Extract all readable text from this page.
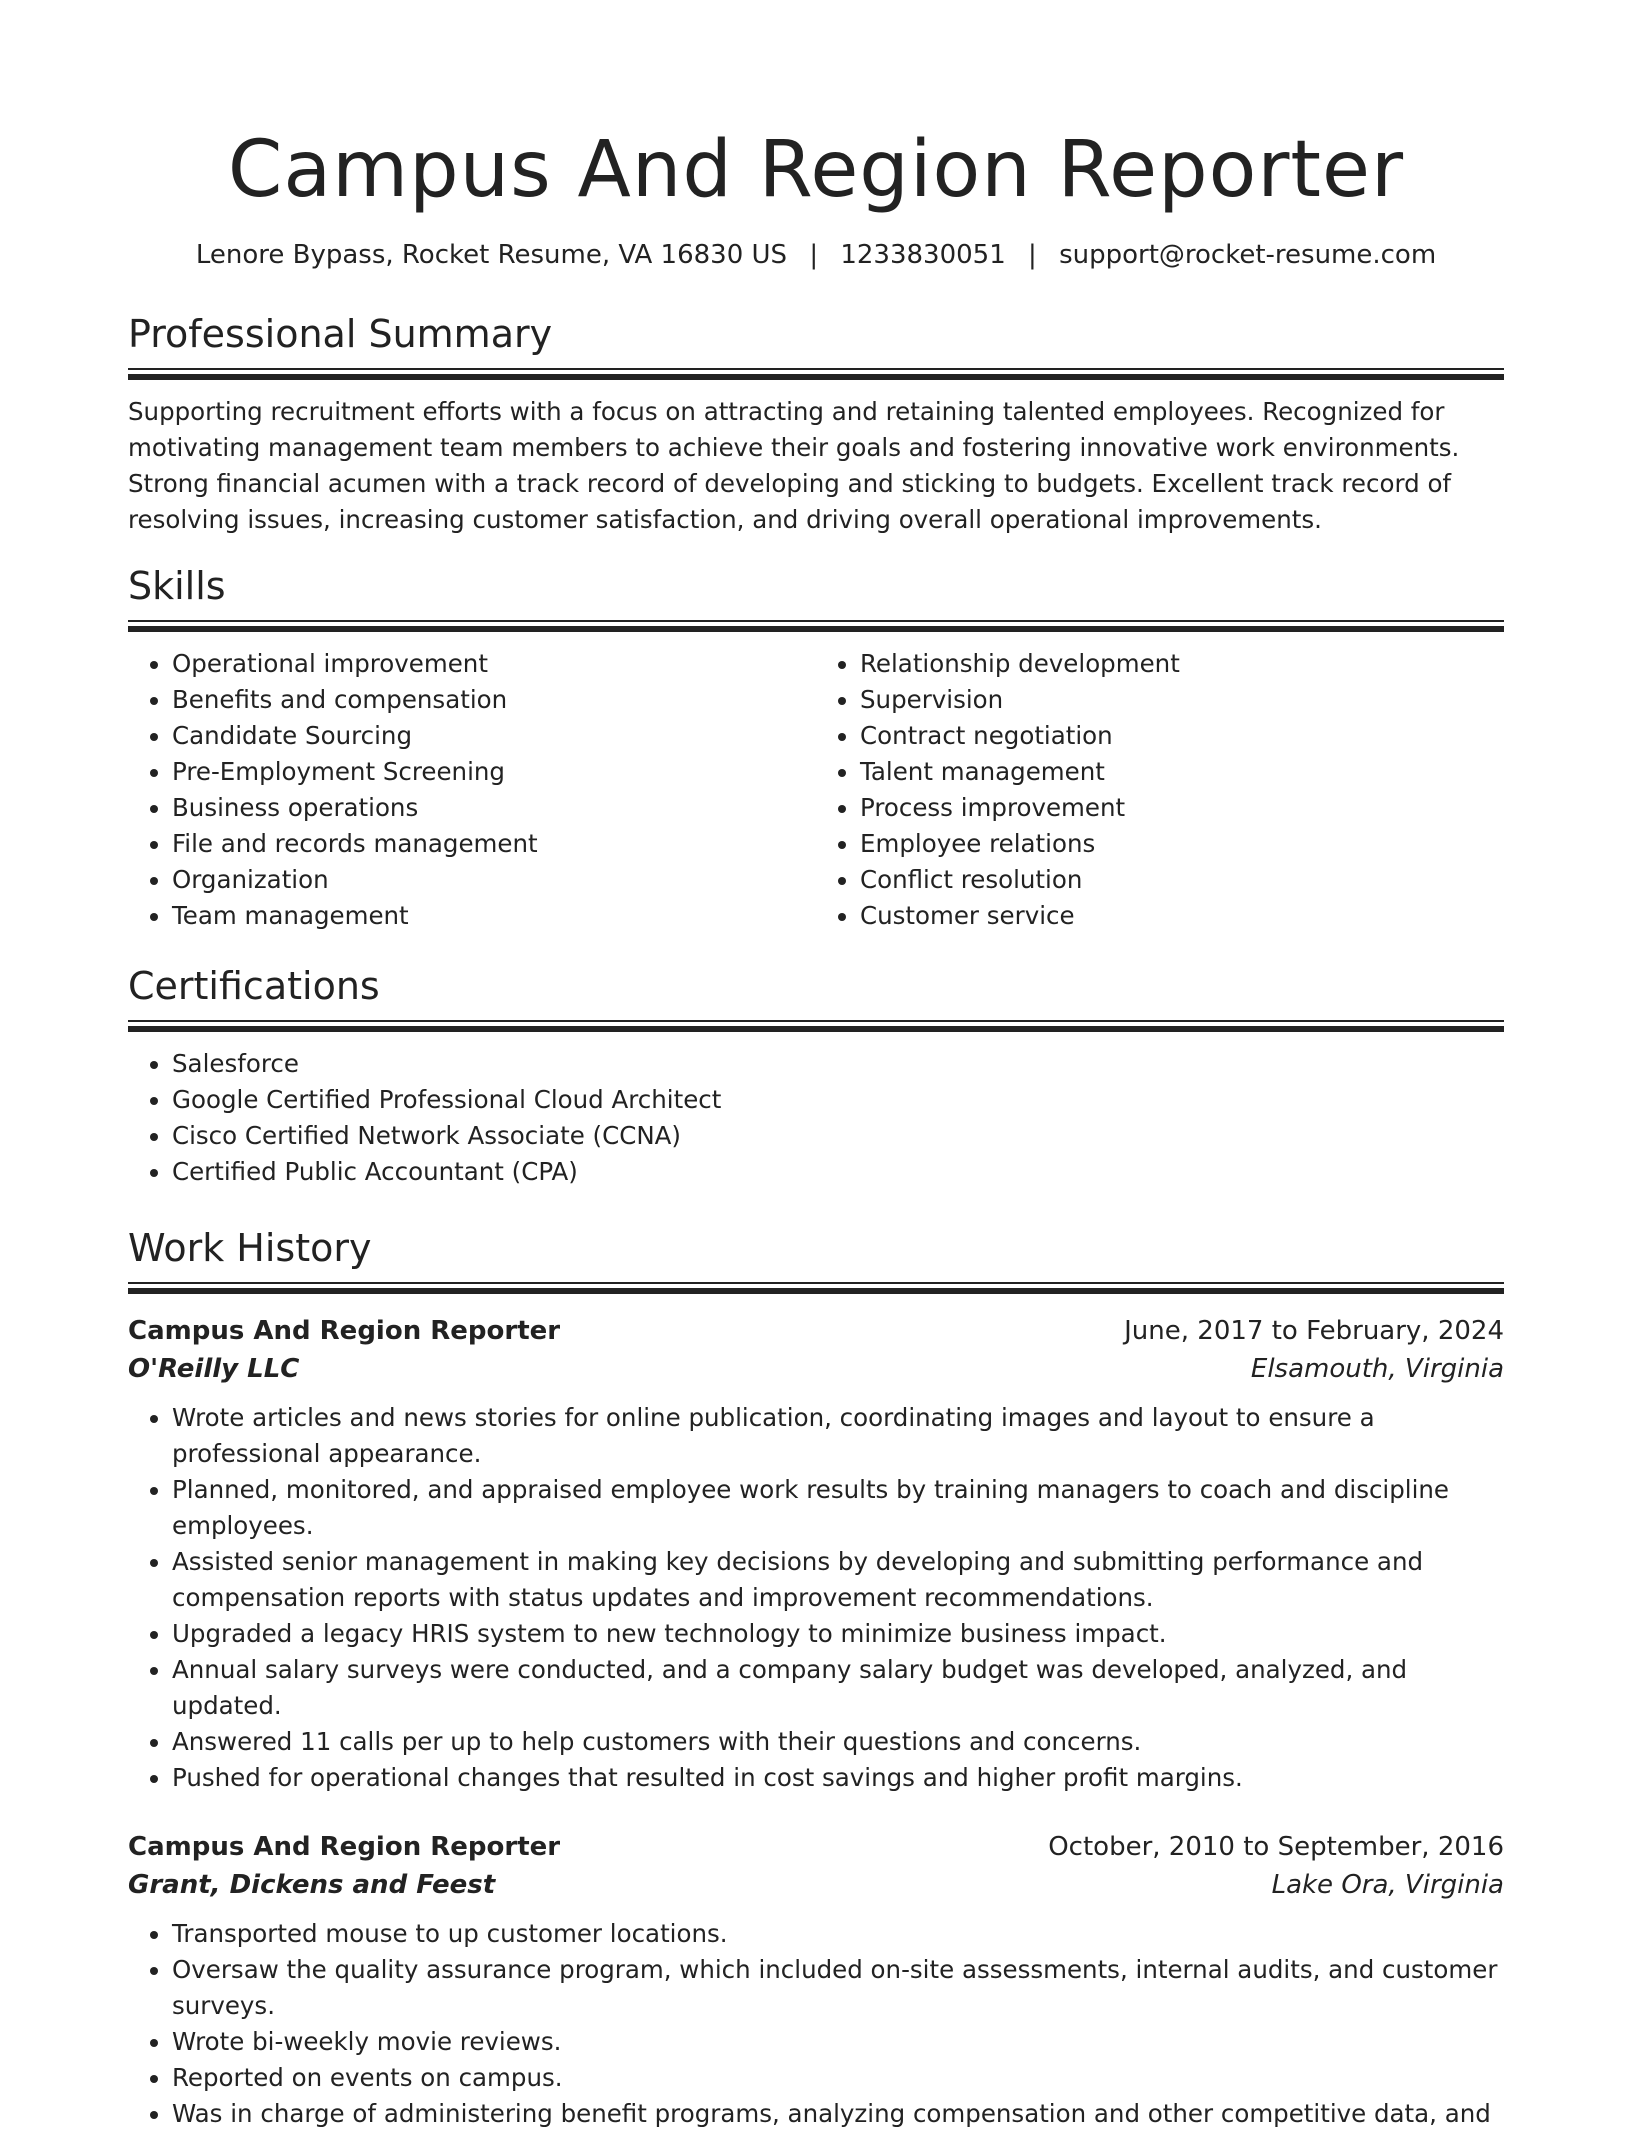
Campus And Region Reporter
Lenore Bypass, Rocket Resume, VA 16830 US | 1233830051 | support@rocket-resume.com
Professional Summary
Supporting recruitment efforts with a focus on attracting and retaining talented employees. Recognized for motivating management team members to achieve their goals and fostering innovative work environments. Strong financial acumen with a track record of developing and sticking to budgets. Excellent track record of resolving issues, increasing customer satisfaction, and driving overall operational improvements.
Skills
• Operational improvement
• Benefits and compensation
• Candidate Sourcing
• Pre-Employment Screening
• Business operations
• File and records management
• Organization
• Team management
• Relationship development
• Supervision
• Contract negotiation
• Talent management
• Process improvement
• Employee relations
• Conflict resolution
• Customer service
Certifications
• Salesforce
• Google Certified Professional Cloud Architect
• Cisco Certified Network Associate (CCNA)
• Certified Public Accountant (CPA)
Work History
Campus And Region Reporter	June, 2017 to February, 2024
O'Reilly LLC	Elsamouth, Virginia
• Wrote articles and news stories for online publication, coordinating images and layout to ensure a professional appearance.
• Planned, monitored, and appraised employee work results by training managers to coach and discipline employees.
• Assisted senior management in making key decisions by developing and submitting performance and compensation reports with status updates and improvement recommendations.
• Upgraded a legacy HRIS system to new technology to minimize business impact.
• Annual salary surveys were conducted, and a company salary budget was developed, analyzed, and updated.
• Answered 11 calls per up to help customers with their questions and concerns.
• Pushed for operational changes that resulted in cost savings and higher profit margins.
Campus And Region Reporter	October, 2010 to September, 2016
Grant, Dickens and Feest	Lake Ora, Virginia
• Transported mouse to up customer locations.
• Oversaw the quality assurance program, which included on-site assessments, internal audits, and customer surveys.
• Wrote bi-weekly movie reviews.
• Reported on events on campus.
• Was in charge of administering benefit programs, analyzing compensation and other competitive data, and
